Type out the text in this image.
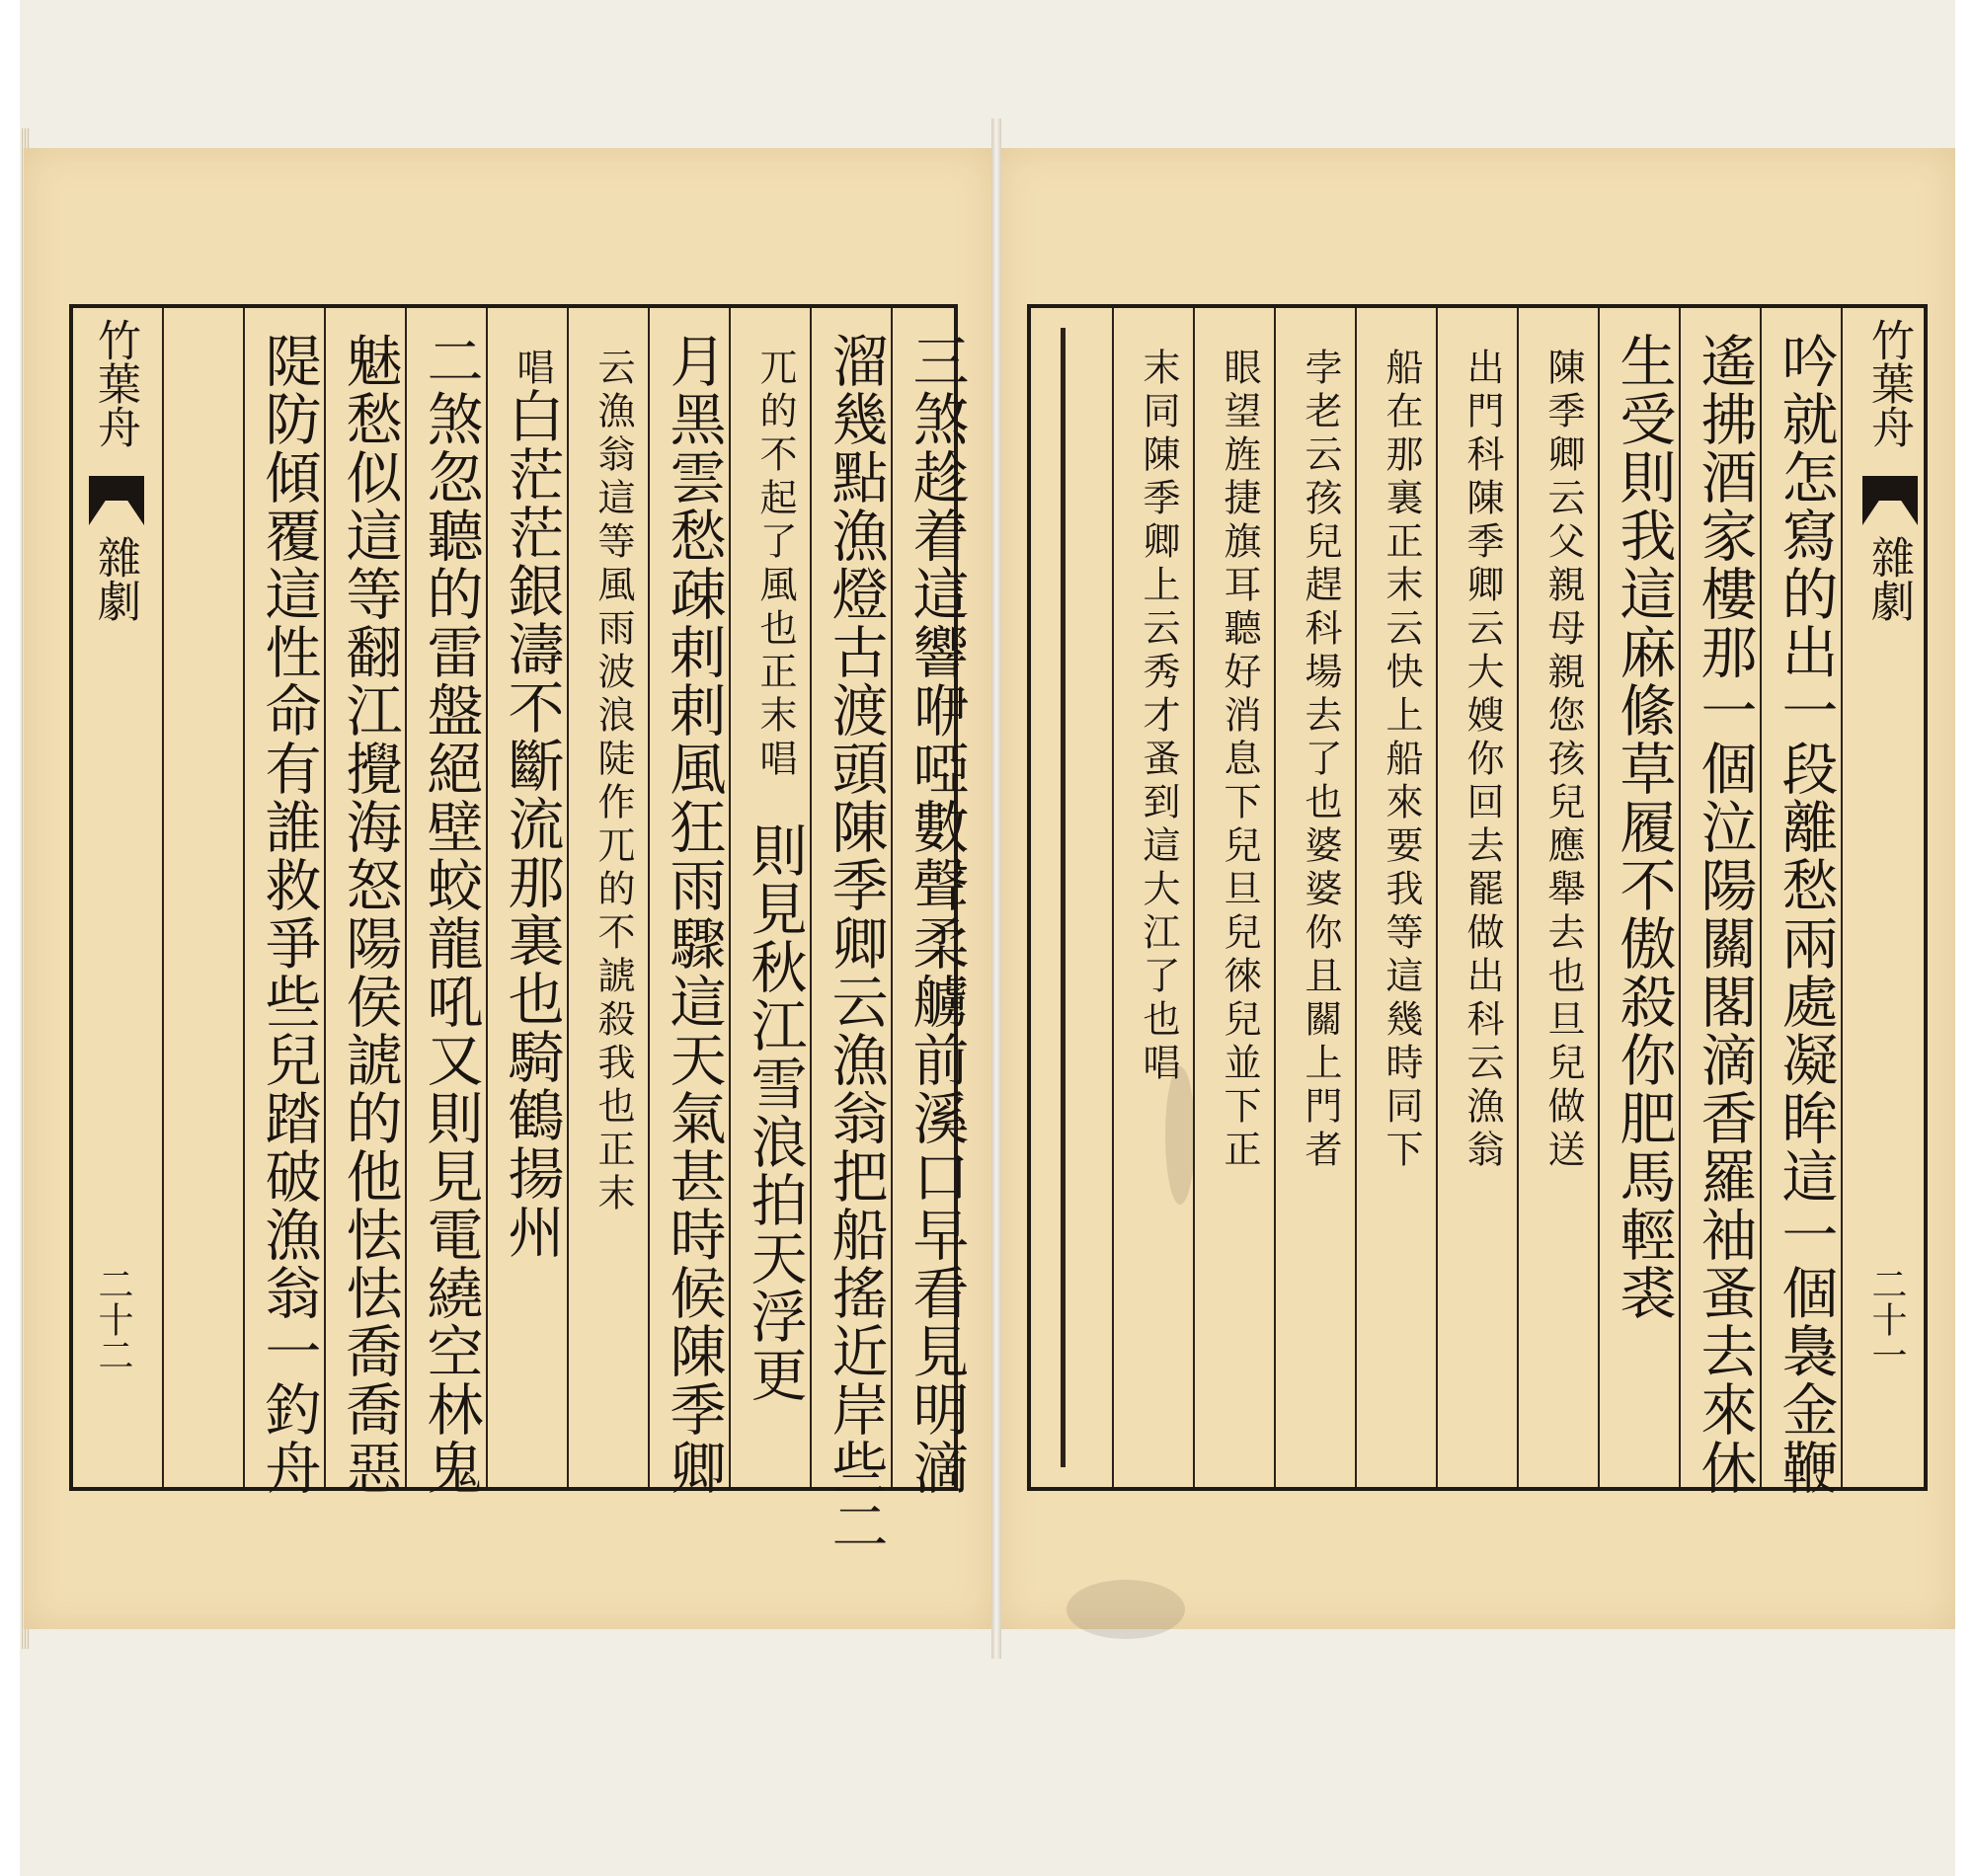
竹葉舟
雜劇
二十二	三煞趁着這響咿啞數聲柔艣前溪口早看見明滴
溜幾點漁燈古渡頭陳季卿云漁翁把船搖近岸些二
兀的不起了風也正末唱
則見秋江雪浪拍天浮更
月黑雲愁疎剌剌風狂雨驟這天氣甚時候陳季卿
云漁翁這等風雨波浪陡作兀的不諕殺我也正末
唱
白茫茫銀濤不斷流那裏也騎鶴揚州
二煞忽聽的雷盤絕壁蛟龍吼又則見電繞空林鬼
魅愁似這等翻江攪海怒陽侯諕的他怯怯喬喬惡
隄防傾覆這性命有誰救爭些兒踏破漁翁一釣舟	竹葉舟
雜劇
二十一
吟就怎寫的出一段離愁兩處凝眸這一個裊金鞭
遙拂酒家樓那一個泣陽關閣滴香羅袖蚤去來休
生受則我這麻絛草履不傲殺你肥馬輕裘
陳季卿云父親母親您孩兒應舉去也旦兒做送
出門科陳季卿云大嫂你回去罷做出科云漁翁
船在那裏正末云快上船來要我等這幾時同下
孛老云孩兒趕科場去了也婆婆你且關上門者
眼望旌捷旗耳聽好消息下兒旦兒徠兒並下正
末同陳季卿上云秀才蚤到這大江了也唱
